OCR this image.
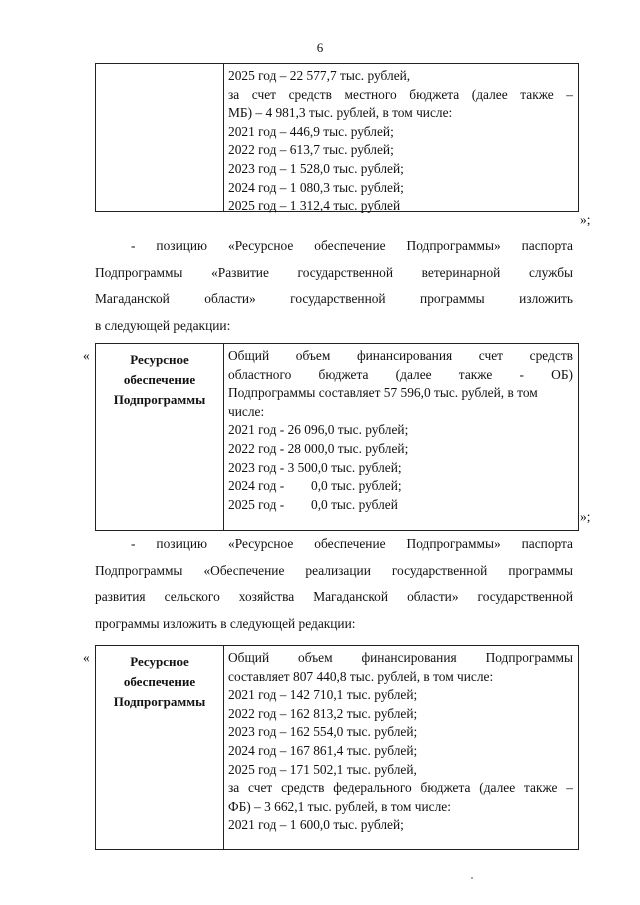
6
2025 год – 22 577,7 тыс. рублей,
за счет средств местного бюджета (далее также –
МБ) – 4 981,3 тыс. рублей, в том числе:
2021 год – 446,9 тыс. рублей;
2022 год – 613,7 тыс. рублей;
2023 год – 1 528,0 тыс. рублей;
2024 год – 1 080,3 тыс. рублей;
2025 год – 1 312,4 тыс. рублей
»;
- позицию «Ресурсное обеспечение Подпрограммы» паспорта
Подпрограммы «Развитие государственной ветеринарной службы
Магаданской области» государственной программы изложить
в следующей редакции:
«	Ресурсное
обеспечение
Подпрограммы
Общий объем финансирования счет средств
областного бюджета (далее также - ОБ)
Подпрограммы составляет 57 596,0 тыс. рублей, в том
числе:
2021 год - 26 096,0 тыс. рублей;
2022 год - 28 000,0 тыс. рублей;
2023 год - 3 500,0 тыс. рублей;
2024 год -        0,0 тыс. рублей;
2025 год -        0,0 тыс. рублей
»;
- позицию «Ресурсное обеспечение Подпрограммы» паспорта
Подпрограммы «Обеспечение реализации государственной программы
развития сельского хозяйства Магаданской области» государственной
программы изложить в следующей редакции:
«	Ресурсное
обеспечение
Подпрограммы
Общий объем финансирования Подпрограммы
составляет 807 440,8 тыс. рублей, в том числе:
2021 год – 142 710,1 тыс. рублей;
2022 год – 162 813,2 тыс. рублей;
2023 год – 162 554,0 тыс. рублей;
2024 год – 167 861,4 тыс. рублей;
2025 год – 171 502,1 тыс. рублей,
за счет средств федерального бюджета (далее также –
ФБ) – 3 662,1 тыс. рублей, в том числе:
2021 год – 1 600,0 тыс. рублей;
